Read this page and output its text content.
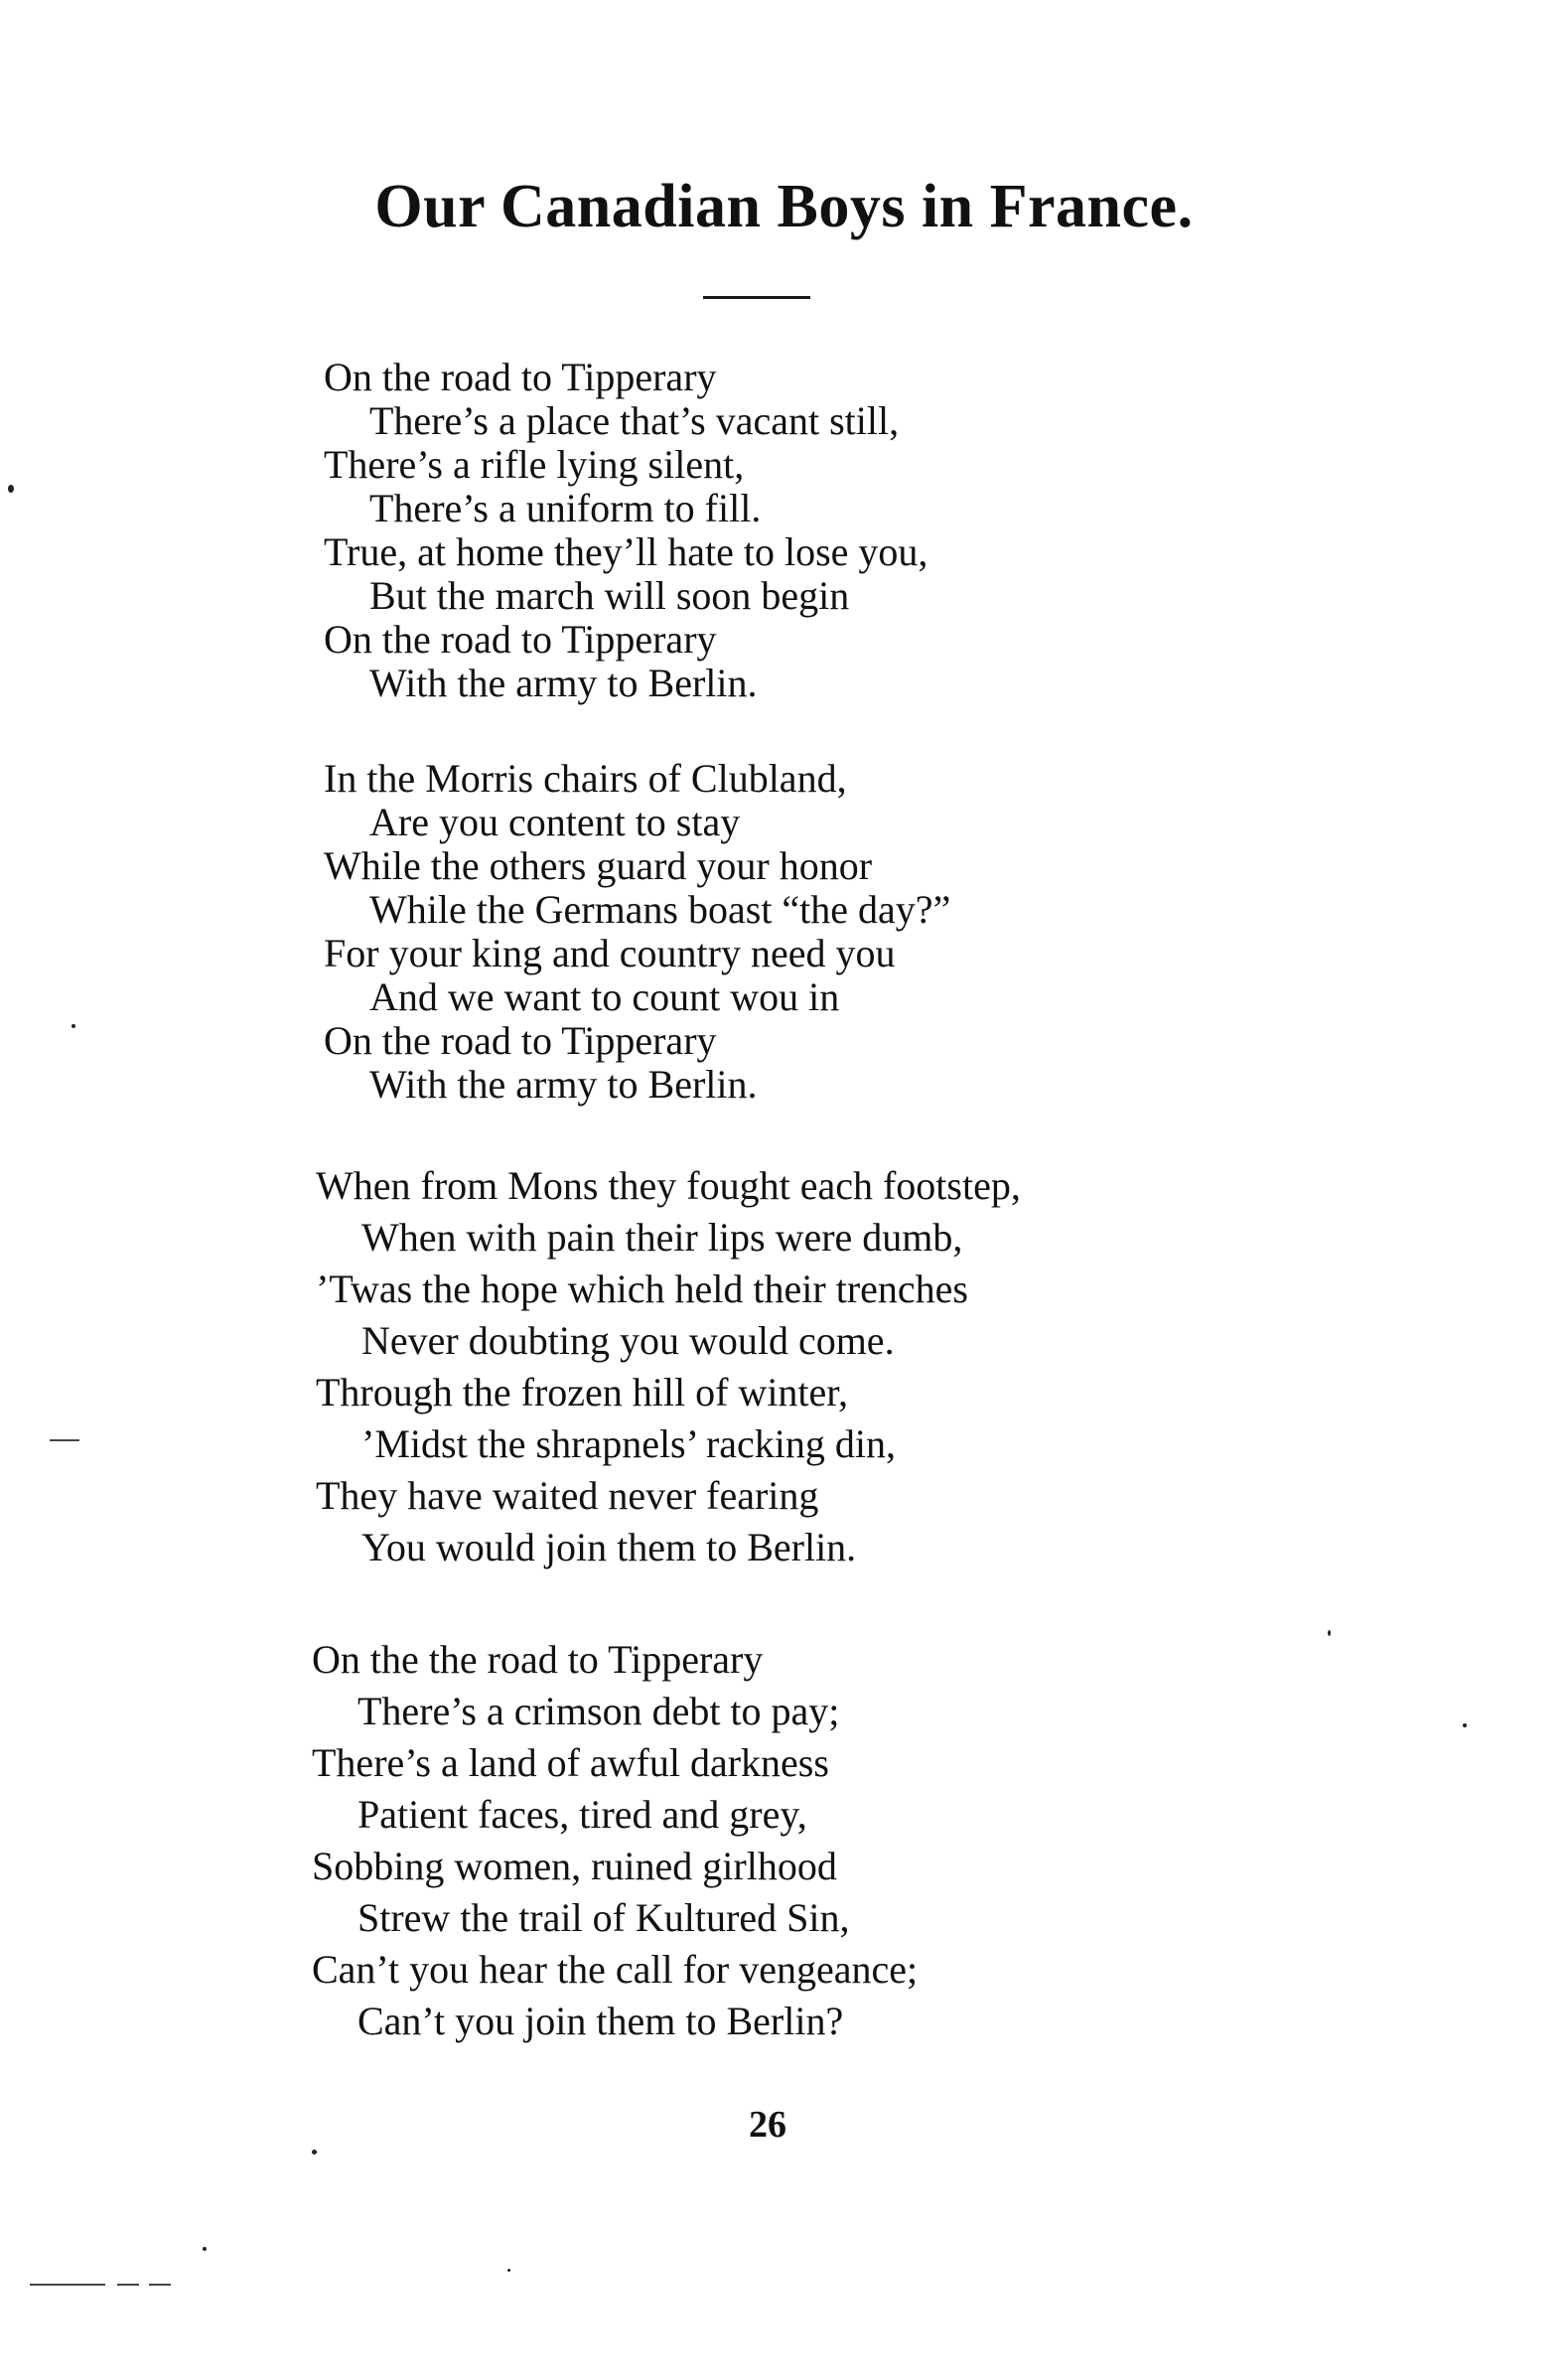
Our Canadian Boys in France.
On the road to Tipperary
There’s a place that’s vacant still,
There’s a rifle lying silent,
There’s a uniform to fill.
True, at home they’ll hate to lose you,
But the march will soon begin
On the road to Tipperary
With the army to Berlin.
In the Morris chairs of Clubland,
Are you content to stay
While the others guard your honor
While the Germans boast “the day?”
For your king and country need you
And we want to count wou in
On the road to Tipperary
With the army to Berlin.
When from Mons they fought each footstep,
When with pain their lips were dumb,
’Twas the hope which held their trenches
Never doubting you would come.
Through the frozen hill of winter,
’Midst the shrapnels’ racking din,
They have waited never fearing
You would join them to Berlin.
On the the road to Tipperary
There’s a crimson debt to pay;
There’s a land of awful darkness
Patient faces, tired and grey,
Sobbing women, ruined girlhood
Strew the trail of Kultured Sin,
Can’t you hear the call for vengeance;
Can’t you join them to Berlin?
26
